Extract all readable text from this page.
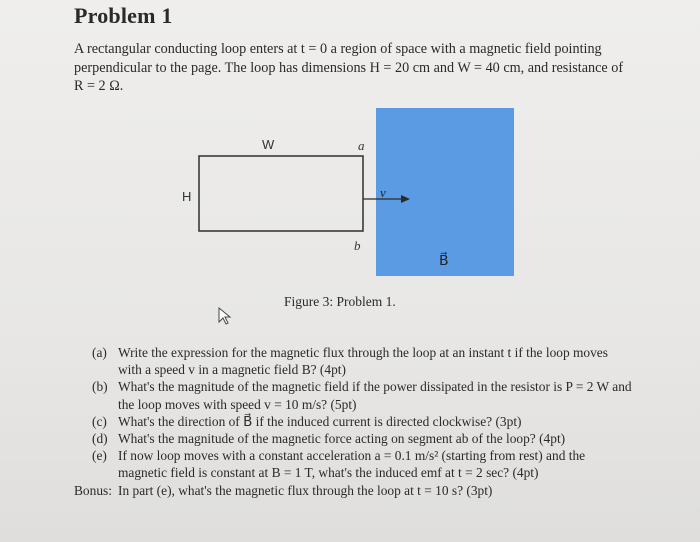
Problem 1
A rectangular conducting loop enters at t = 0 a region of space with a magnetic field pointing perpendicular to the page. The loop has dimensions H = 20 cm and W = 40 cm, and resistance of R = 2 Ω.
W
H
a
b
v⃗
B⃗
Figure 3: Problem 1.
(a) Write the expression for the magnetic flux through the loop at an instant t if the loop moves with a speed v in a magnetic field B? (4pt)
(b) What's the magnitude of the magnetic field if the power dissipated in the resistor is P = 2 W and the loop moves with speed v = 10 m/s? (5pt)
(c) What's the direction of B⃗ if the induced current is directed clockwise? (3pt)
(d) What's the magnitude of the magnetic force acting on segment ab of the loop? (4pt)
(e) If now loop moves with a constant acceleration a = 0.1 m/s² (starting from rest) and the magnetic field is constant at B = 1 T, what's the induced emf at t = 2 sec? (4pt)
Bonus: In part (e), what's the magnetic flux through the loop at t = 10 s? (3pt)
